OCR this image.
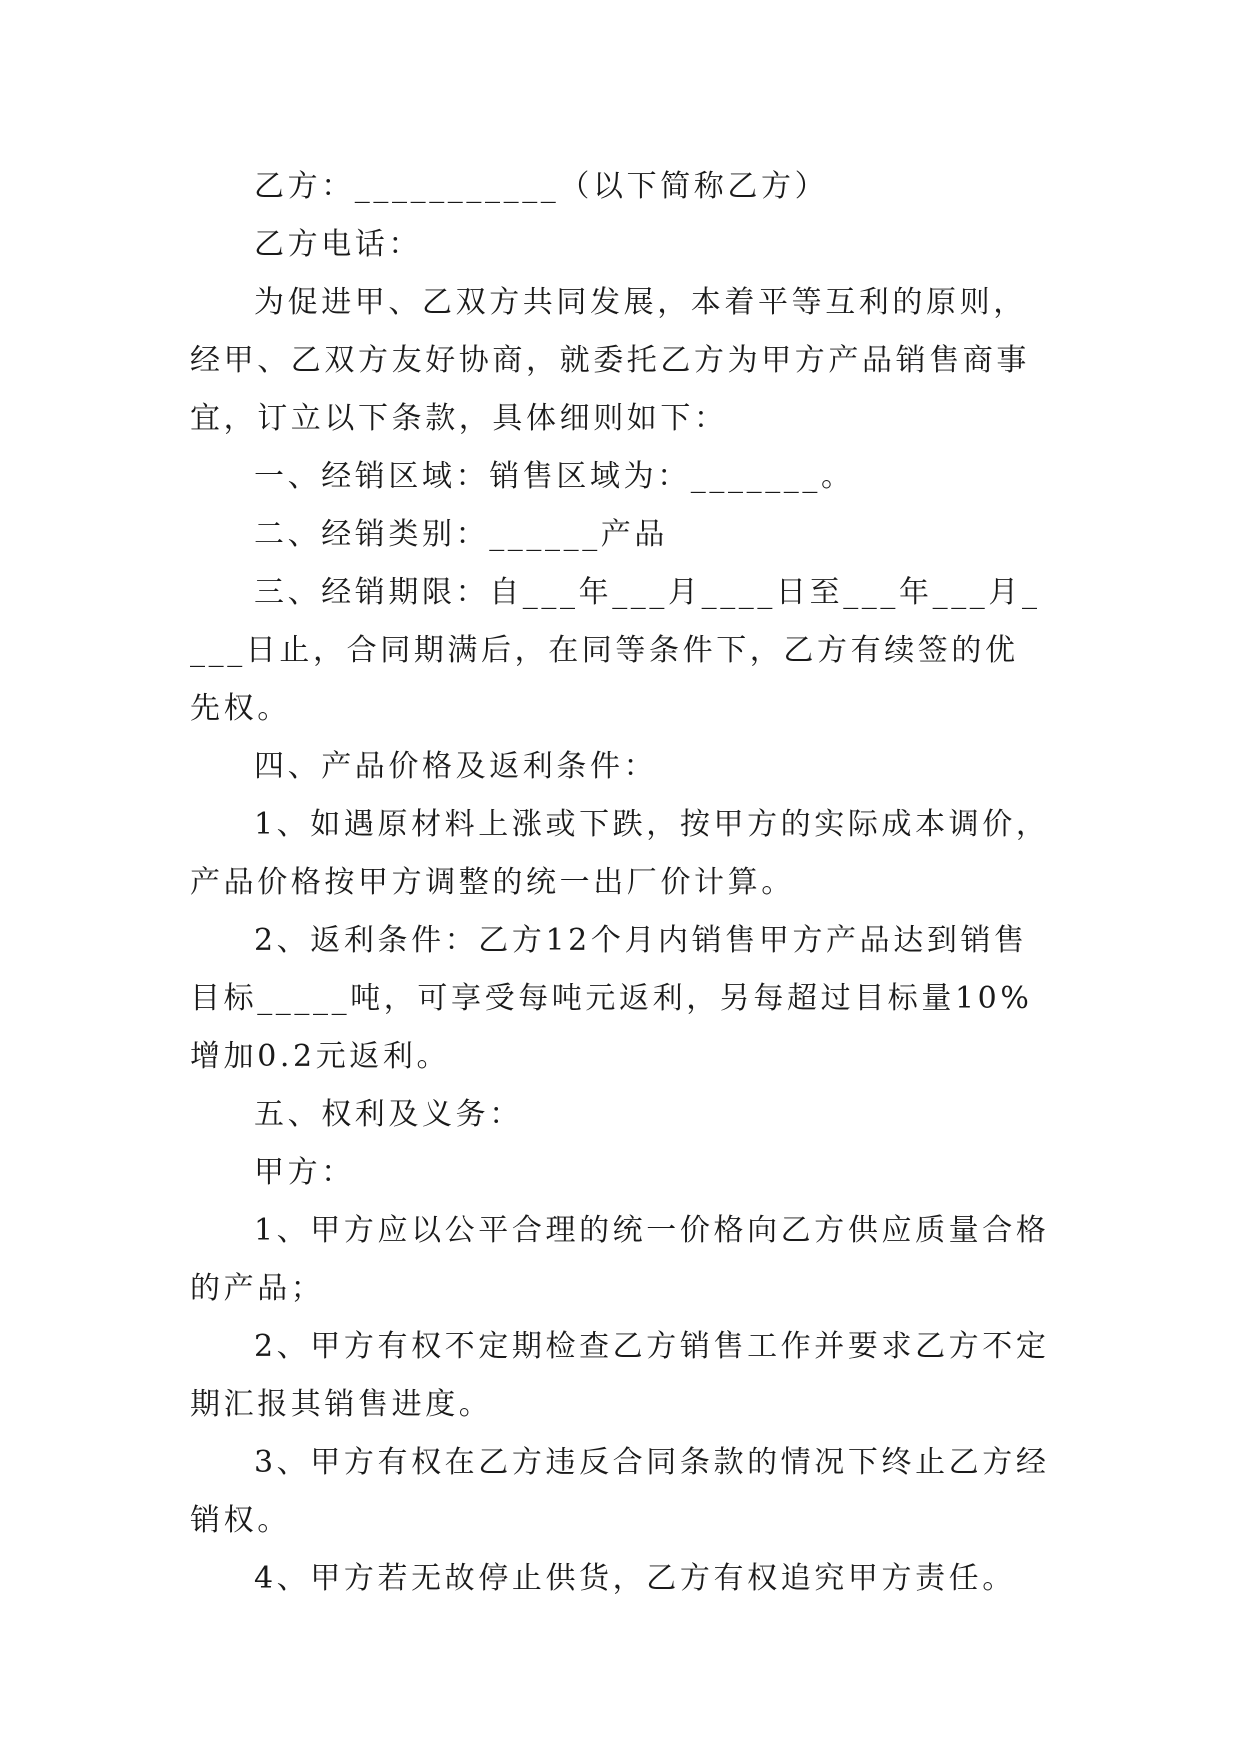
乙方：___________（以下简称乙方）

乙方电话：

为促进甲、乙双方共同发展，本着平等互利的原则，经甲、乙双方友好协商，就委托乙方为甲方产品销售商事宜，订立以下条款，具体细则如下：

一、经销区域：销售区域为：_______。

二、经销类别：______产品

三、经销期限：自___年___月____日至___年___月____日止，合同期满后，在同等条件下，乙方有续签的优先权。

四、产品价格及返利条件：

1、如遇原材料上涨或下跌，按甲方的实际成本调价，产品价格按甲方调整的统一出厂价计算。

2、返利条件：乙方12个月内销售甲方产品达到销售目标_____吨，可享受每吨元返利，另每超过目标量10%增加0.2元返利。

五、权利及义务：

甲方：

1、甲方应以公平合理的统一价格向乙方供应质量合格的产品；

2、甲方有权不定期检查乙方销售工作并要求乙方不定期汇报其销售进度。

3、甲方有权在乙方违反合同条款的情况下终止乙方经销权。

4、甲方若无故停止供货，乙方有权追究甲方责任。
